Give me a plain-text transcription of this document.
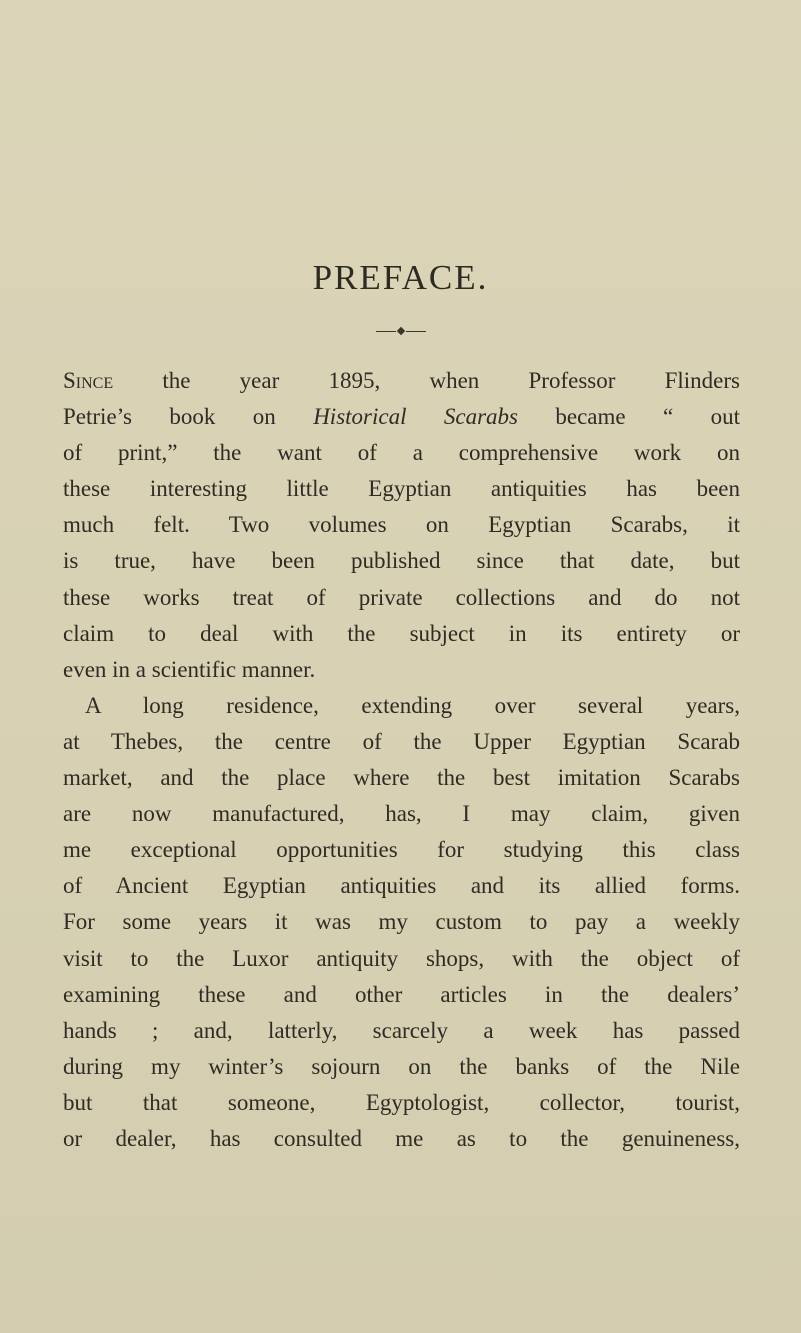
PREFACE.
Since the year 1895, when Professor Flinders
Petrie’s book on Historical Scarabs became “ out
of print,” the want of a comprehensive work on
these interesting little Egyptian antiquities has been
much felt. Two volumes on Egyptian Scarabs, it
is true, have been published since that date, but
these works treat of private collections and do not
claim to deal with the subject in its entirety or
even in a scientific manner.
A long residence, extending over several years,
at Thebes, the centre of the Upper Egyptian Scarab
market, and the place where the best imitation Scarabs
are now manufactured, has, I may claim, given
me exceptional opportunities for studying this class
of Ancient Egyptian antiquities and its allied forms.
For some years it was my custom to pay a weekly
visit to the Luxor antiquity shops, with the object of
examining these and other articles in the dealers’
hands ; and, latterly, scarcely a week has passed
during my winter’s sojourn on the banks of the Nile
but that someone, Egyptologist, collector, tourist,
or dealer, has consulted me as to the genuineness,
